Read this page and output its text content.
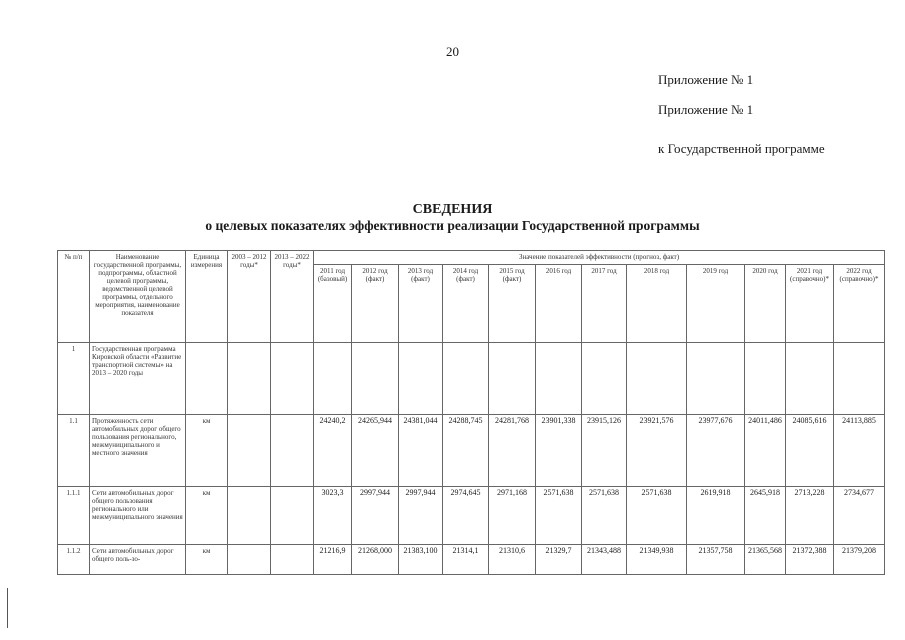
20
Приложение № 1
Приложение № 1
к Государственной программе
СВЕДЕНИЯ
о целевых показателях эффективности реализации Государственной программы
№ п/п	Наименование государственной программы, подпрограммы, областной целевой программы, ведомственной целевой программы, отдельного мероприятия, наименование показателя	Единица измерения	2003 – 2012 годы*	2013 – 2022 годы*	Значение показателей эффективности (прогноз, факт)											
					2011 год (базовый)	2012 год (факт)	2013 год (факт)	2014 год (факт)	2015 год (факт)	2016 год	2017 год	2018 год	2019 год	2020 год	2021 год (справочно)*	2022 год (справочно)*
1	Государственная программа Кировской области «Развитие транспортной системы» на 2013 – 2020 годы															
1.1	Протяженность сети автомобильных дорог общего пользования регионального, межмуниципального и местного значения	км			24240,2	24265,944	24381,044	24288,745	24281,768	23901,338	23915,126	23921,576	23977,676	24011,486	24085,616	24113,885
1.1.1	Сети автомобильных дорог общего пользования регионального или межмуниципального значения	км			3023,3	2997,944	2997,944	2974,645	2971,168	2571,638	2571,638	2571,638	2619,918	2645,918	2713,228	2734,677
1.1.2	Сети автомобильных дорог общего поль-зо-	км			21216,9	21268,000	21383,100	21314,1	21310,6	21329,7	21343,488	21349,938	21357,758	21365,568	21372,388	21379,208
